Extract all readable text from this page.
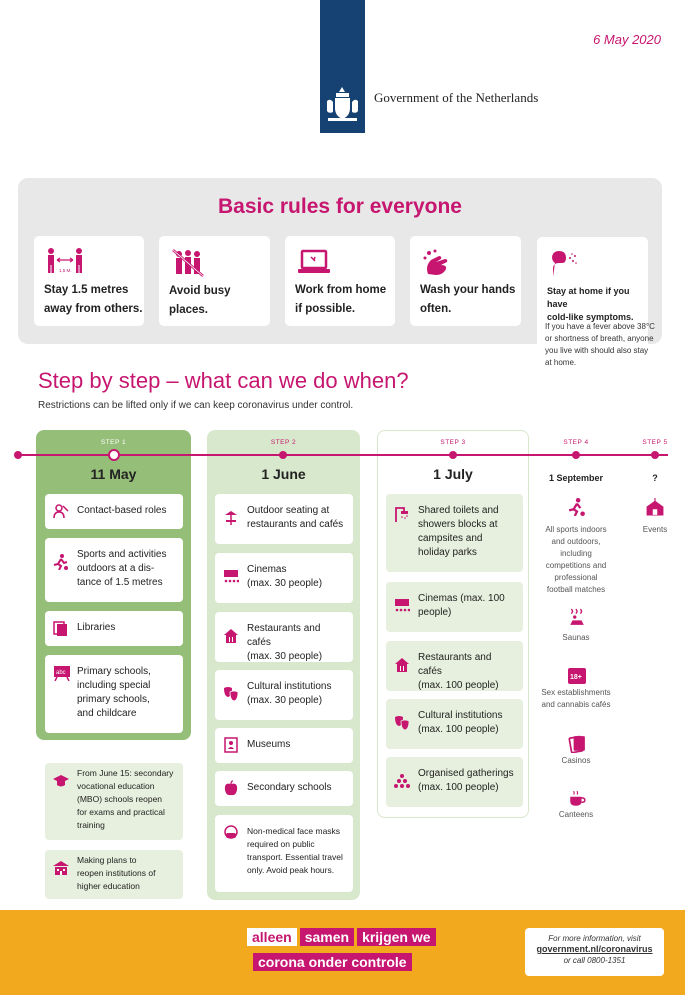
Government of the Netherlands
6 May 2020
Basic rules for everyone
1,5 M.
Stay 1.5 metres
away from others.
Avoid busy places.
Work from home
if possible.
Wash your hands
often.
Stay at home if you have
cold-like symptoms.
If you have a fever above 38°C or shortness of breath, anyone you live with should also stay at home.
Step by step – what can we do when?
Restrictions can be lifted only if we can keep coronavirus under control.
STEP 1
11 May
STEP 2
1 June
STEP 3
1 July
STEP 4
1 September
STEP 5
?
Contact-based roles
Sports and activities
outdoors at a dis-
tance of 1.5 metres
Libraries
abc Primary schools,
including special
primary schools,
and childcare
From June 15: secondary
vocational education
(MBO) schools reopen
for exams and practical
training
Making plans to
reopen institutions of
higher education
Outdoor seating at
restaurants and cafés
Cinemas
(max. 30 people)
Restaurants and cafés
(max. 30 people)
Cultural institutions
(max. 30 people)
Museums
Secondary schools
Non-medical face masks
required on public
transport. Essential travel
only. Avoid peak hours.
Shared toilets and
showers blocks at
campsites and
holiday parks
Cinemas (max. 100
people)
Restaurants and cafés
(max. 100 people)
Cultural institutions
(max. 100 people)
Organised gatherings
(max. 100 people)
All sports indoors
and outdoors,
including
competitions and
professional
football matches
Saunas
18+
Sex establishments
and cannabis cafés
Casinos
Canteens
Events
alleen samen krijgen we
corona onder controle
For more information, visit
government.nl/coronavirus
or call 0800-1351
